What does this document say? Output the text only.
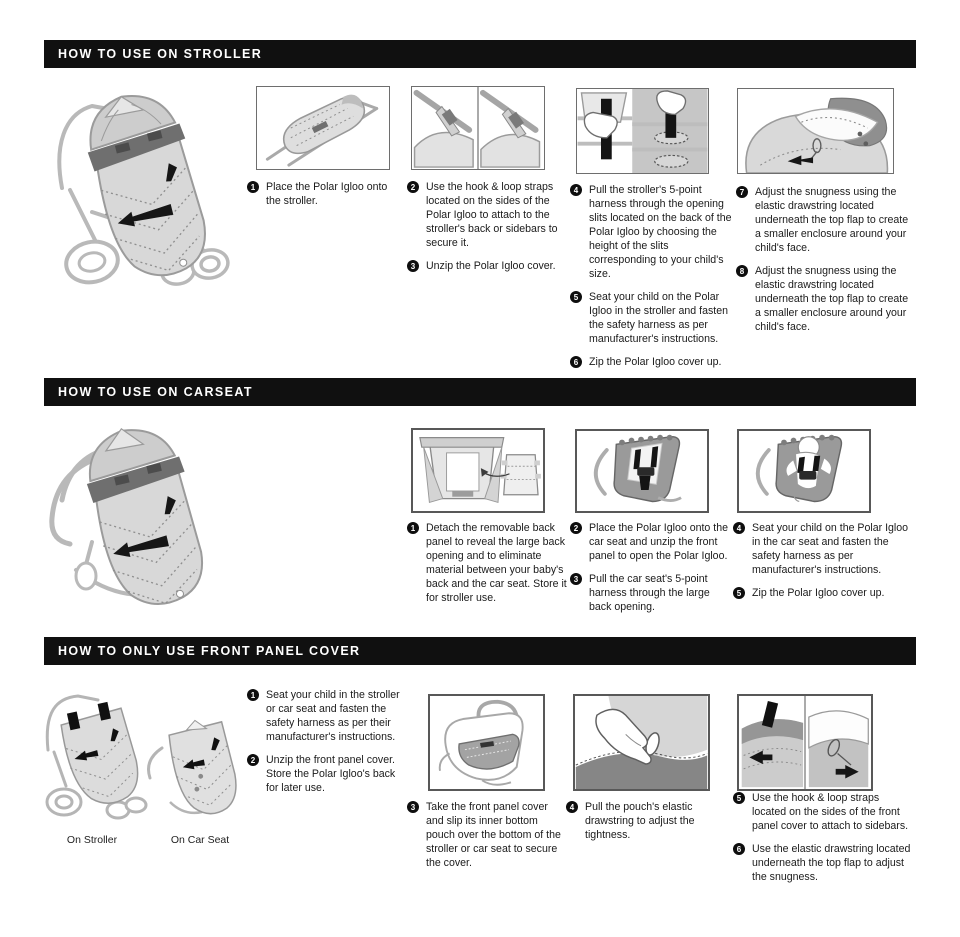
HOW TO USE ON STROLLER
1	Place the Polar Igloo onto the stroller.
2	Use the hook & loop straps located on the sides of the Polar Igloo to attach to the stroller's back or sidebars to secure it.
3	Unzip the Polar Igloo cover.
4	Pull the stroller's 5-point harness through the opening slits located on the back of the Polar Igloo by choosing the height of the slits corresponding to your child's size.
5	Seat your child on the Polar Igloo in the stroller and fasten the safety harness as per manufacturer's instructions.
6	Zip the Polar Igloo cover up.
7	Adjust the snugness using the elastic drawstring located underneath the top flap to create a smaller enclosure around your child's face.
8	Adjust the snugness using the elastic drawstring located underneath the top flap to create a smaller enclosure around your child's face.
HOW TO USE ON CARSEAT
1	Detach the removable back panel to reveal the large back opening and to eliminate material between your baby's back and the car seat. Store it for stroller use.
2	Place the Polar Igloo onto the car seat and unzip the front panel to open the Polar Igloo.
3	Pull the car seat's 5-point harness through the large back opening.
4	Seat your child on the Polar Igloo in the car seat and fasten the safety harness as per manufacturer's instructions.
5	Zip the Polar Igloo cover up.
HOW TO ONLY USE FRONT PANEL COVER
On Stroller	On Car Seat
1	Seat your child in the stroller or car seat and fasten the safety harness as per their manufacturer's instructions.
2	Unzip the front panel cover. Store the Polar Igloo's back for later use.
3	Take the front panel cover and slip its inner bottom pouch over the bottom of the stroller or car seat to secure the cover.
4	Pull the pouch's elastic drawstring to adjust the tightness.
5	Use the hook & loop straps located on the sides of the front panel cover to attach to sidebars.
6	Use the elastic drawstring located underneath the top flap to adjust the snugness.
